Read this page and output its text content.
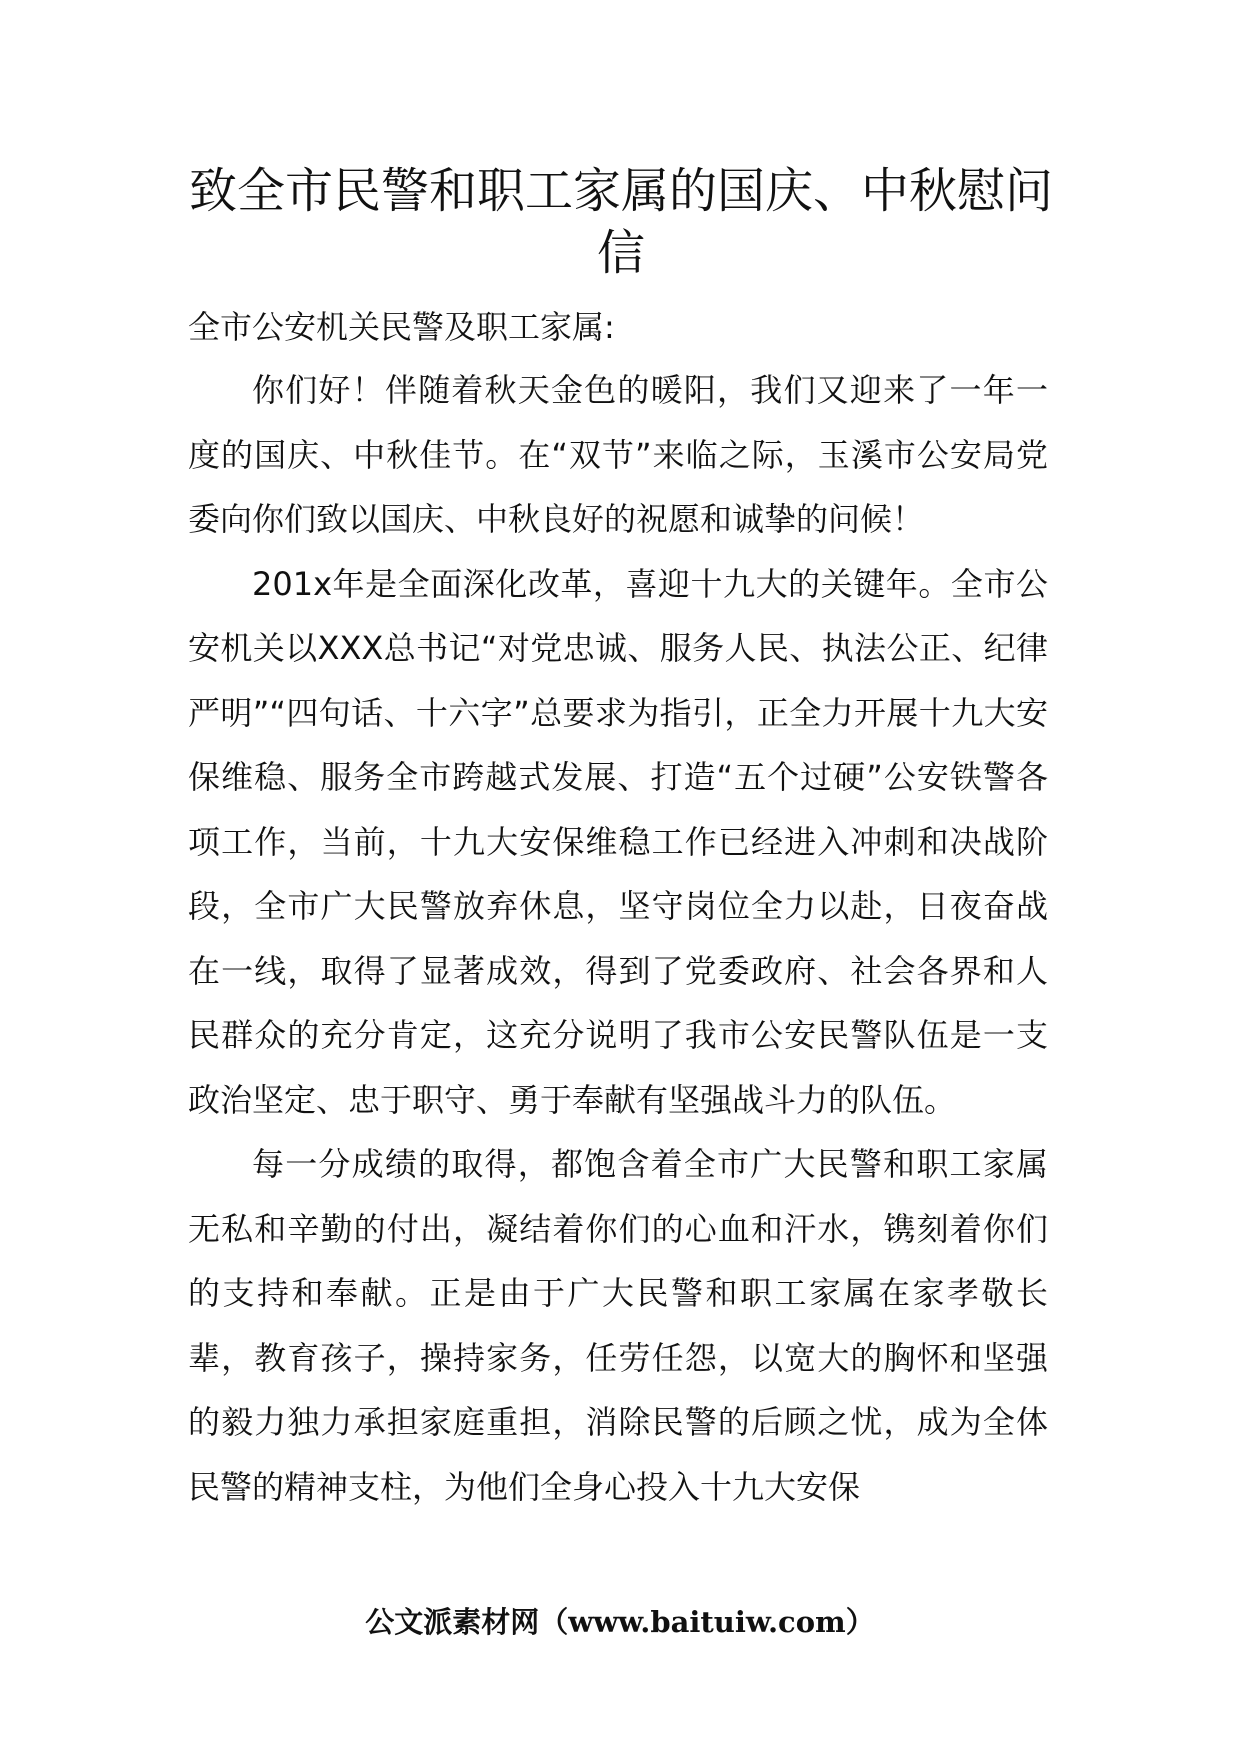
致全市民警和职工家属的国庆、中秋慰问信

全市公安机关民警及职工家属:

你们好！伴随着秋天金色的暖阳，我们又迎来了一年一度的国庆、中秋佳节。在“双节”来临之际，玉溪市公安局党委向你们致以国庆、中秋良好的祝愿和诚挚的问候！

201x年是全面深化改革，喜迎十九大的关键年。全市公安机关以XXX总书记“对党忠诚、服务人民、执法公正、纪律严明”“四句话、十六字”总要求为指引，正全力开展十九大安保维稳、服务全市跨越式发展、打造“五个过硬”公安铁警各项工作，当前，十九大安保维稳工作已经进入冲刺和决战阶段，全市广大民警放弃休息，坚守岗位全力以赴，日夜奋战在一线，取得了显著成效，得到了党委政府、社会各界和人民群众的充分肯定，这充分说明了我市公安民警队伍是一支政治坚定、忠于职守、勇于奉献有坚强战斗力的队伍。

每一分成绩的取得，都饱含着全市广大民警和职工家属无私和辛勤的付出，凝结着你们的心血和汗水，镌刻着你们的支持和奉献。正是由于广大民警和职工家属在家孝敬长辈，教育孩子，操持家务，任劳任怨，以宽大的胸怀和坚强的毅力独力承担家庭重担，消除民警的后顾之忧，成为全体民警的精神支柱，为他们全身心投入十九大安保

公文派素材网（www.baituiw.com）
